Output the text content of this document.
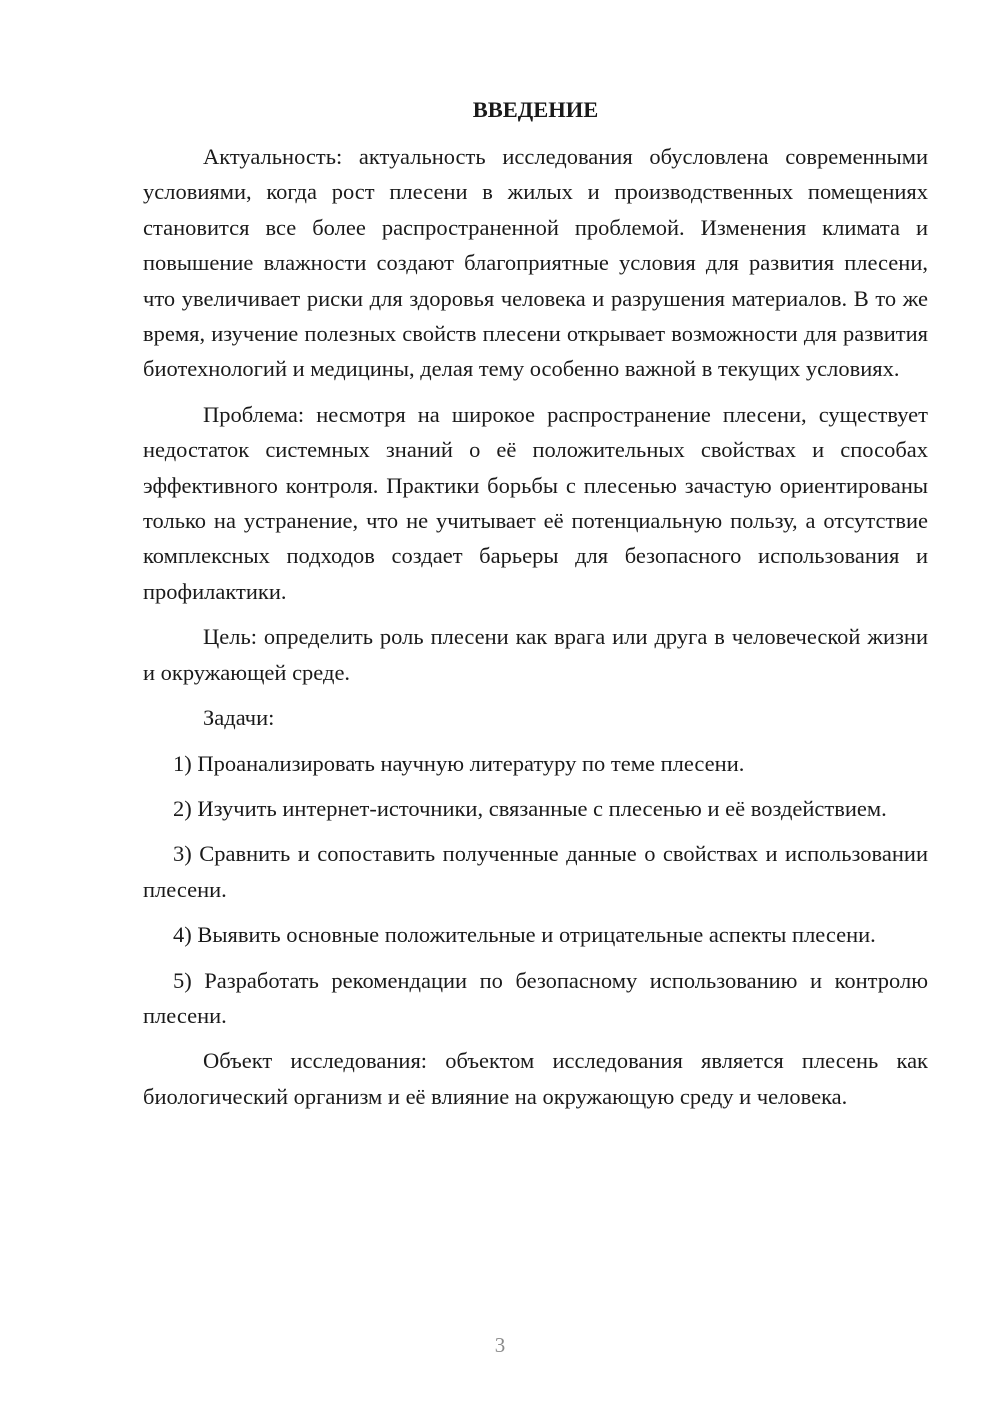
ВВЕДЕНИЕ

Актуальность: актуальность исследования обусловлена современными условиями, когда рост плесени в жилых и производственных помещениях становится все более распространенной проблемой. Изменения климата и повышение влажности создают благоприятные условия для развития плесени, что увеличивает риски для здоровья человека и разрушения материалов. В то же время, изучение полезных свойств плесени открывает возможности для развития биотехнологий и медицины, делая тему особенно важной в текущих условиях.

Проблема: несмотря на широкое распространение плесени, существует недостаток системных знаний о её положительных свойствах и способах эффективного контроля. Практики борьбы с плесенью зачастую ориентированы только на устранение, что не учитывает её потенциальную пользу, а отсутствие комплексных подходов создает барьеры для безопасного использования и профилактики.

Цель: определить роль плесени как врага или друга в человеческой жизни и окружающей среде.

Задачи:

1) Проанализировать научную литературу по теме плесени.

2) Изучить интернет-источники, связанные с плесенью и её воздействием.

3) Сравнить и сопоставить полученные данные о свойствах и использовании плесени.

4) Выявить основные положительные и отрицательные аспекты плесени.

5) Разработать рекомендации по безопасному использованию и контролю плесени.

Объект исследования: объектом исследования является плесень как биологический организм и её влияние на окружающую среду и человека.

3
